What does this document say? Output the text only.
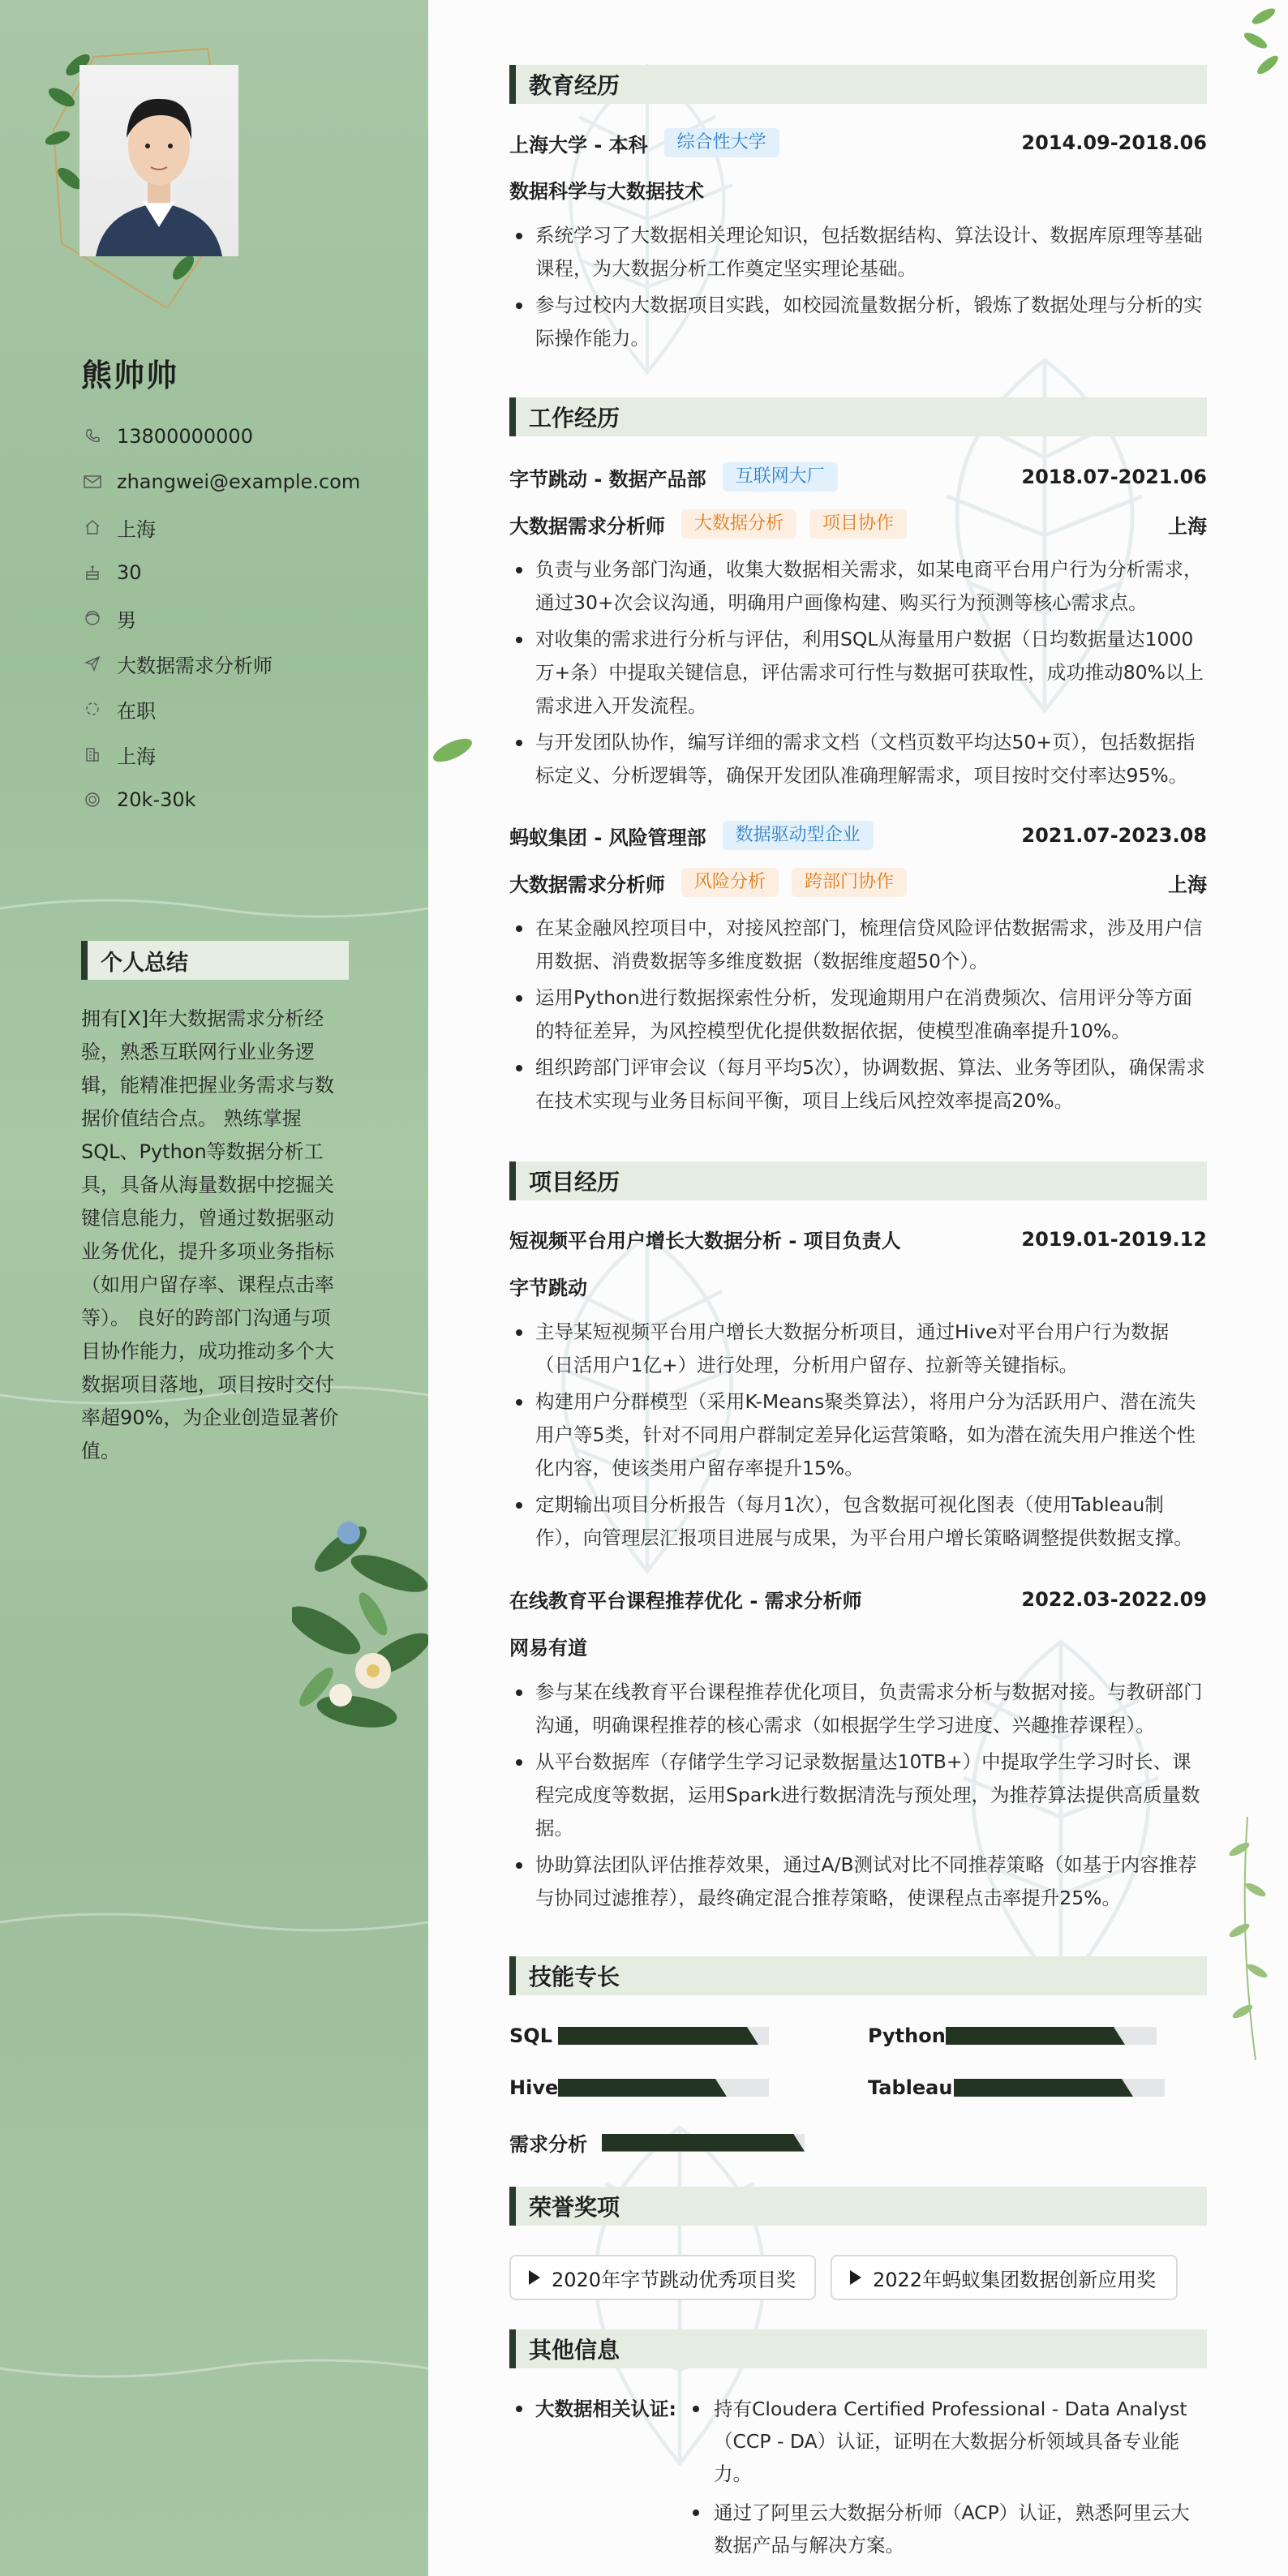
熊帅帅
13800000000
zhangwei@example.com
上海
30
男
大数据需求分析师
在职
上海
20k-30k
个人总结
拥有[X]年大数据需求分析经验，熟悉互联网行业业务逻辑，能精准把握业务需求与数据价值结合点。 熟练掌握SQL、Python等数据分析工具，具备从海量数据中挖掘关键信息能力，曾通过数据驱动业务优化，提升多项业务指标（如用户留存率、课程点击率等）。 良好的跨部门沟通与项目协作能力，成功推动多个大数据项目落地，项目按时交付率超90%，为企业创造显著价值。
教育经历
上海大学 - 本科	综合性大学	2014.09-2018.06
数据科学与大数据技术
系统学习了大数据相关理论知识，包括数据结构、算法设计、数据库原理等基础课程，为大数据分析工作奠定坚实理论基础。
参与过校内大数据项目实践，如校园流量数据分析，锻炼了数据处理与分析的实际操作能力。
工作经历
字节跳动 - 数据产品部	互联网大厂	2018.07-2021.06
大数据需求分析师	大数据分析	项目协作	上海
负责与业务部门沟通，收集大数据相关需求，如某电商平台用户行为分析需求，通过30+次会议沟通，明确用户画像构建、购买行为预测等核心需求点。
对收集的需求进行分析与评估，利用SQL从海量用户数据（日均数据量达1000万+条）中提取关键信息，评估需求可行性与数据可获取性，成功推动80%以上需求进入开发流程。
与开发团队协作，编写详细的需求文档（文档页数平均达50+页），包括数据指标定义、分析逻辑等，确保开发团队准确理解需求，项目按时交付率达95%。
蚂蚁集团 - 风险管理部	数据驱动型企业	2021.07-2023.08
大数据需求分析师	风险分析	跨部门协作	上海
在某金融风控项目中，对接风控部门，梳理信贷风险评估数据需求，涉及用户信用数据、消费数据等多维度数据（数据维度超50个）。
运用Python进行数据探索性分析，发现逾期用户在消费频次、信用评分等方面的特征差异，为风控模型优化提供数据依据，使模型准确率提升10%。
组织跨部门评审会议（每月平均5次），协调数据、算法、业务等团队，确保需求在技术实现与业务目标间平衡，项目上线后风控效率提高20%。
项目经历
短视频平台用户增长大数据分析 - 项目负责人	2019.01-2019.12
字节跳动
主导某短视频平台用户增长大数据分析项目，通过Hive对平台用户行为数据（日活用户1亿+）进行处理，分析用户留存、拉新等关键指标。
构建用户分群模型（采用K-Means聚类算法），将用户分为活跃用户、潜在流失用户等5类，针对不同用户群制定差异化运营策略，如为潜在流失用户推送个性化内容，使该类用户留存率提升15%。
定期输出项目分析报告（每月1次），包含数据可视化图表（使用Tableau制作），向管理层汇报项目进展与成果，为平台用户增长策略调整提供数据支撑。
在线教育平台课程推荐优化 - 需求分析师	2022.03-2022.09
网易有道
参与某在线教育平台课程推荐优化项目，负责需求分析与数据对接。与教研部门沟通，明确课程推荐的核心需求（如根据学生学习进度、兴趣推荐课程）。
从平台数据库（存储学生学习记录数据量达10TB+）中提取学生学习时长、课程完成度等数据，运用Spark进行数据清洗与预处理，为推荐算法提供高质量数据。
协助算法团队评估推荐效果，通过A/B测试对比不同推荐策略（如基于内容推荐与协同过滤推荐），最终确定混合推荐策略，使课程点击率提升25%。
技能专长
SQL	Python
Hive	Tableau
需求分析
荣誉奖项
2020年字节跳动优秀项目奖	2022年蚂蚁集团数据创新应用奖
其他信息
大数据相关认证:	持有Cloudera Certified Professional - Data Analyst（CCP - DA）认证，证明在大数据分析领域具备专业能力。
通过了阿里云大数据分析师（ACP）认证，熟悉阿里云大数据产品与解决方案。
